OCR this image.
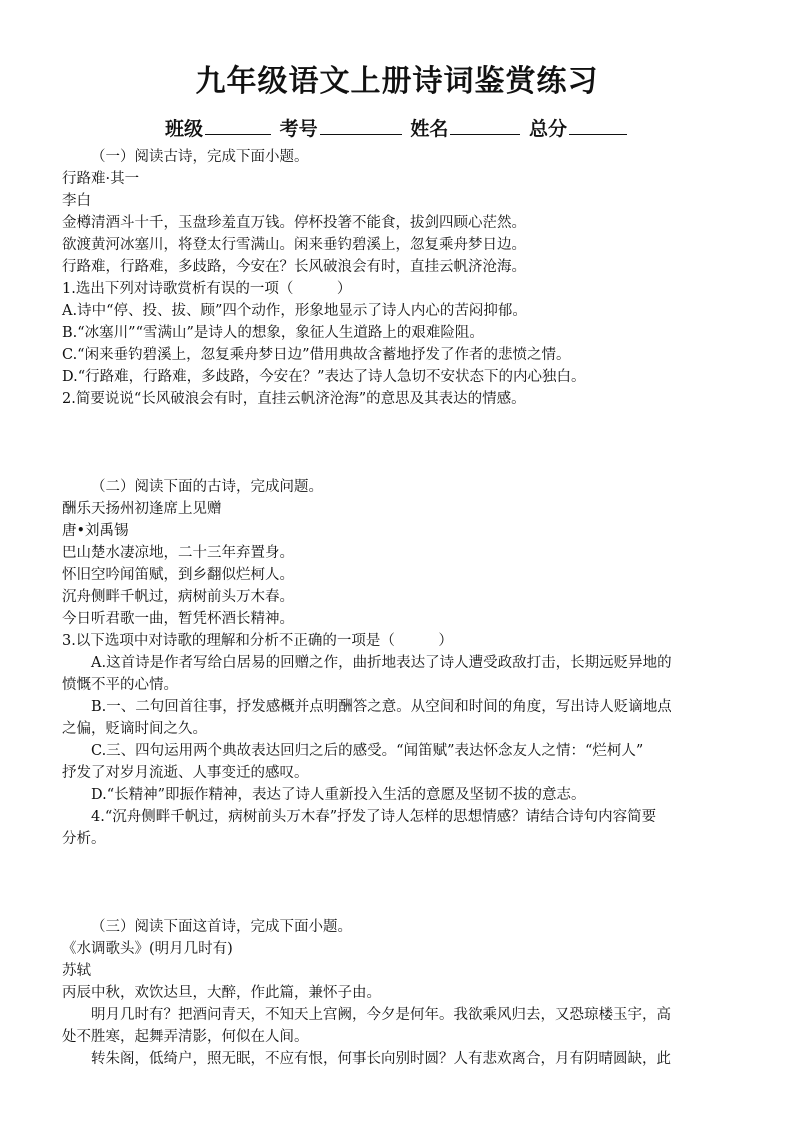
九年级语文上册诗词鉴赏练习
班级	考号	姓名	总分
（一）阅读古诗，完成下面小题。
行路难·其一
李白
金樽清酒斗十千，玉盘珍羞直万钱。停杯投箸不能食，拔剑四顾心茫然。
欲渡黄河冰塞川，将登太行雪满山。闲来垂钓碧溪上，忽复乘舟梦日边。
行路难，行路难，多歧路，今安在？长风破浪会有时，直挂云帆济沧海。
1.选出下列对诗歌赏析有误的一项（　　　）
A.诗中“停、投、拔、顾”四个动作，形象地显示了诗人内心的苦闷抑郁。
B.“冰塞川”“雪满山”是诗人的想象，象征人生道路上的艰难险阻。
C.“闲来垂钓碧溪上，忽复乘舟梦日边”借用典故含蓄地抒发了作者的悲愤之情。
D.“行路难，行路难，多歧路，今安在？”表达了诗人急切不安状态下的内心独白。
2.简要说说“长风破浪会有时，直挂云帆济沧海”的意思及其表达的情感。
（二）阅读下面的古诗，完成问题。
酬乐天扬州初逢席上见赠
唐•刘禹锡
巴山楚水凄凉地，二十三年弃置身。
怀旧空吟闻笛赋，到乡翻似烂柯人。
沉舟侧畔千帆过，病树前头万木春。
今日听君歌一曲，暂凭杯酒长精神。
3.以下选项中对诗歌的理解和分析不正确的一项是（　　　）
A.这首诗是作者写给白居易的回赠之作，曲折地表达了诗人遭受政敌打击，长期远贬异地的
愤慨不平的心情。
B.一、二句回首往事，抒发感概并点明酬答之意。从空间和时间的角度，写出诗人贬谪地点
之偏，贬谪时间之久。
C.三、四句运用两个典故表达回归之后的感受。“闻笛赋”表达怀念友人之情：“烂柯人”
抒发了对岁月流逝、人事变迁的感叹。
D.“长精神”即振作精神，表达了诗人重新投入生活的意愿及坚韧不拔的意志。
4.“沉舟侧畔千帆过，病树前头万木春”抒发了诗人怎样的思想情感？请结合诗句内容简要
分析。
（三）阅读下面这首诗，完成下面小题。
《水调歌头》(明月几时有)
苏轼
丙辰中秋，欢饮达旦，大醉，作此篇，兼怀子由。
明月几时有？把酒问青天，不知天上宫阙，今夕是何年。我欲乘风归去，又恐琼楼玉宇，高
处不胜寒，起舞弄清影，何似在人间。
转朱阁，低绮户，照无眠，不应有恨，何事长向别时圆？人有悲欢离合，月有阴晴圆缺，此
